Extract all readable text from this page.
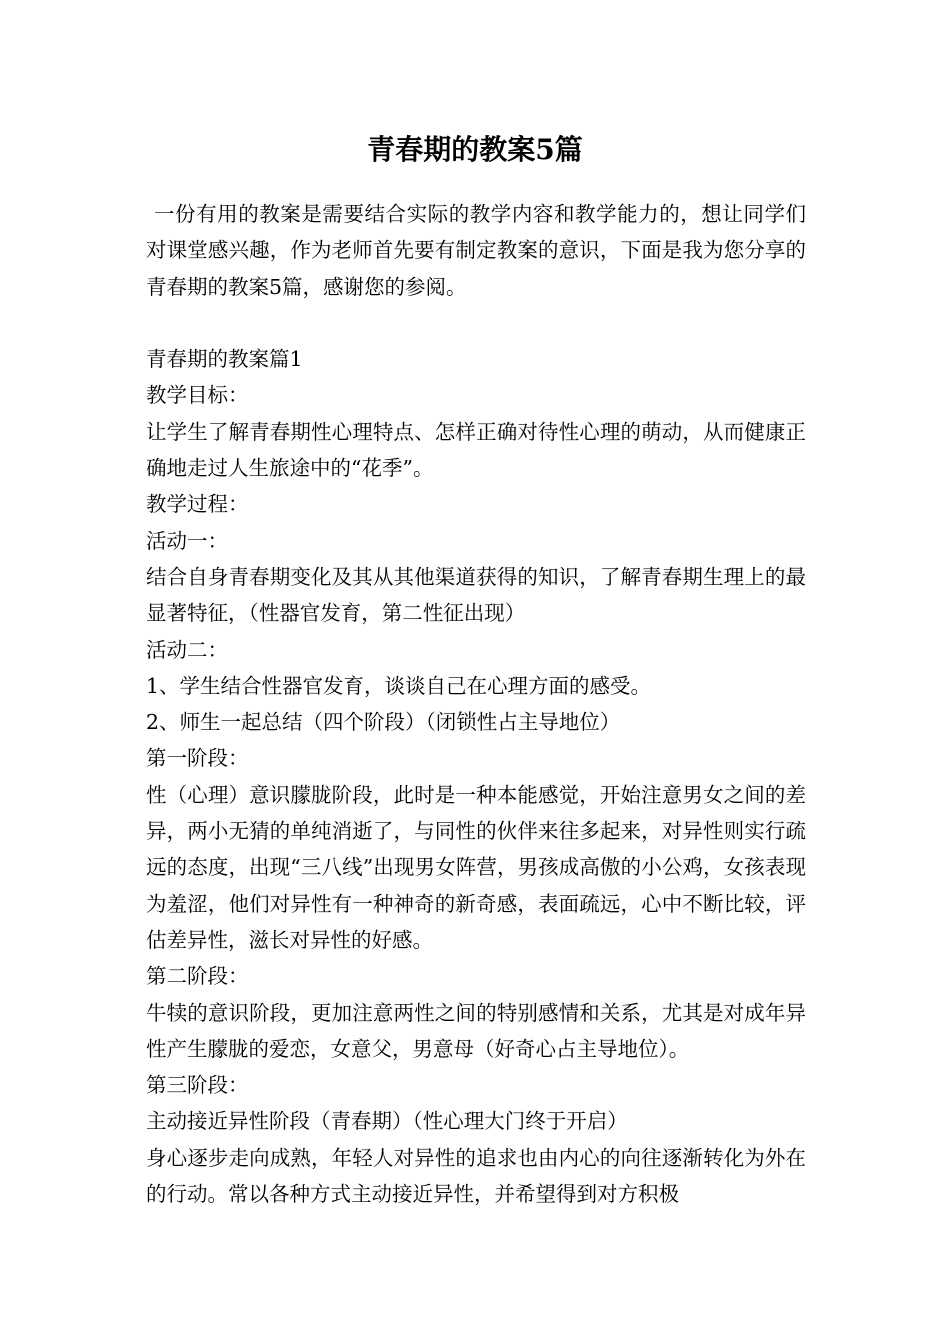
青春期的教案5篇

一份有用的教案是需要结合实际的教学内容和教学能力的，想让同学们对课堂感兴趣，作为老师首先要有制定教案的意识，下面是我为您分享的青春期的教案5篇，感谢您的参阅。

青春期的教案篇1

教学目标：

让学生了解青春期性心理特点、怎样正确对待性心理的萌动，从而健康正确地走过人生旅途中的“花季”。

教学过程：

活动一：

结合自身青春期变化及其从其他渠道获得的知识，了解青春期生理上的最显著特征，（性器官发育，第二性征出现）

活动二：

1、学生结合性器官发育，谈谈自己在心理方面的感受。

2、师生一起总结（四个阶段）（闭锁性占主导地位）

第一阶段：

性（心理）意识朦胧阶段，此时是一种本能感觉，开始注意男女之间的差异，两小无猜的单纯消逝了，与同性的伙伴来往多起来，对异性则实行疏远的态度，出现“三八线”出现男女阵营，男孩成高傲的小公鸡，女孩表现为羞涩，他们对异性有一种神奇的新奇感，表面疏远，心中不断比较，评估差异性，滋长对异性的好感。

第二阶段：

牛犊的意识阶段，更加注意两性之间的特别感情和关系，尤其是对成年异性产生朦胧的爱恋，女意父，男意母（好奇心占主导地位）。

第三阶段：

主动接近异性阶段（青春期）（性心理大门终于开启）

身心逐步走向成熟，年轻人对异性的追求也由内心的向往逐渐转化为外在的行动。常以各种方式主动接近异性，并希望得到对方积极
